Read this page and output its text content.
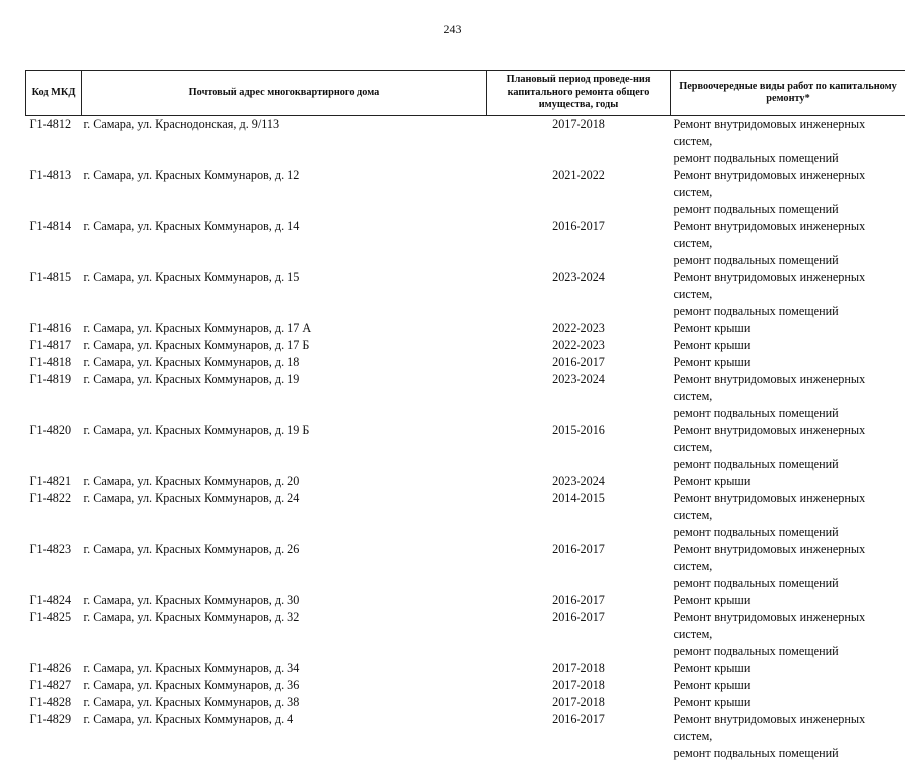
243
Код МКД	Почтовый адрес многоквартирного дома	Плановый период проведе-ния капитального ремонта общего имущества, годы	Первоочередные виды работ по капитальному ремонту*
Г1-4812	г. Самара, ул. Краснодонская, д. 9/113	2017-2018	Ремонт внутридомовых инженерных систем,
ремонт подвальных помещений

Г1-4813	г. Самара, ул. Красных Коммунаров, д. 12	2021-2022	Ремонт внутридомовых инженерных систем,
ремонт подвальных помещений

Г1-4814	г. Самара, ул. Красных Коммунаров, д. 14	2016-2017	Ремонт внутридомовых инженерных систем,
ремонт подвальных помещений

Г1-4815	г. Самара, ул. Красных Коммунаров, д. 15	2023-2024	Ремонт внутридомовых инженерных систем,
ремонт подвальных помещений

Г1-4816	г. Самара, ул. Красных Коммунаров, д. 17 А	2022-2023	Ремонт крыши

Г1-4817	г. Самара, ул. Красных Коммунаров, д. 17 Б	2022-2023	Ремонт крыши

Г1-4818	г. Самара, ул. Красных Коммунаров, д. 18	2016-2017	Ремонт крыши

Г1-4819	г. Самара, ул. Красных Коммунаров, д. 19	2023-2024	Ремонт внутридомовых инженерных систем,
ремонт подвальных помещений

Г1-4820	г. Самара, ул. Красных Коммунаров, д. 19 Б	2015-2016	Ремонт внутридомовых инженерных систем,
ремонт подвальных помещений

Г1-4821	г. Самара, ул. Красных Коммунаров, д. 20	2023-2024	Ремонт крыши

Г1-4822	г. Самара, ул. Красных Коммунаров, д. 24	2014-2015	Ремонт внутридомовых инженерных систем,
ремонт подвальных помещений

Г1-4823	г. Самара, ул. Красных Коммунаров, д. 26	2016-2017	Ремонт внутридомовых инженерных систем,
ремонт подвальных помещений

Г1-4824	г. Самара, ул. Красных Коммунаров, д. 30	2016-2017	Ремонт крыши

Г1-4825	г. Самара, ул. Красных Коммунаров, д. 32	2016-2017	Ремонт внутридомовых инженерных систем,
ремонт подвальных помещений

Г1-4826	г. Самара, ул. Красных Коммунаров, д. 34	2017-2018	Ремонт крыши

Г1-4827	г. Самара, ул. Красных Коммунаров, д. 36	2017-2018	Ремонт крыши

Г1-4828	г. Самара, ул. Красных Коммунаров, д. 38	2017-2018	Ремонт крыши

Г1-4829	г. Самара, ул. Красных Коммунаров, д. 4	2016-2017	Ремонт внутридомовых инженерных систем,
ремонт подвальных помещений
